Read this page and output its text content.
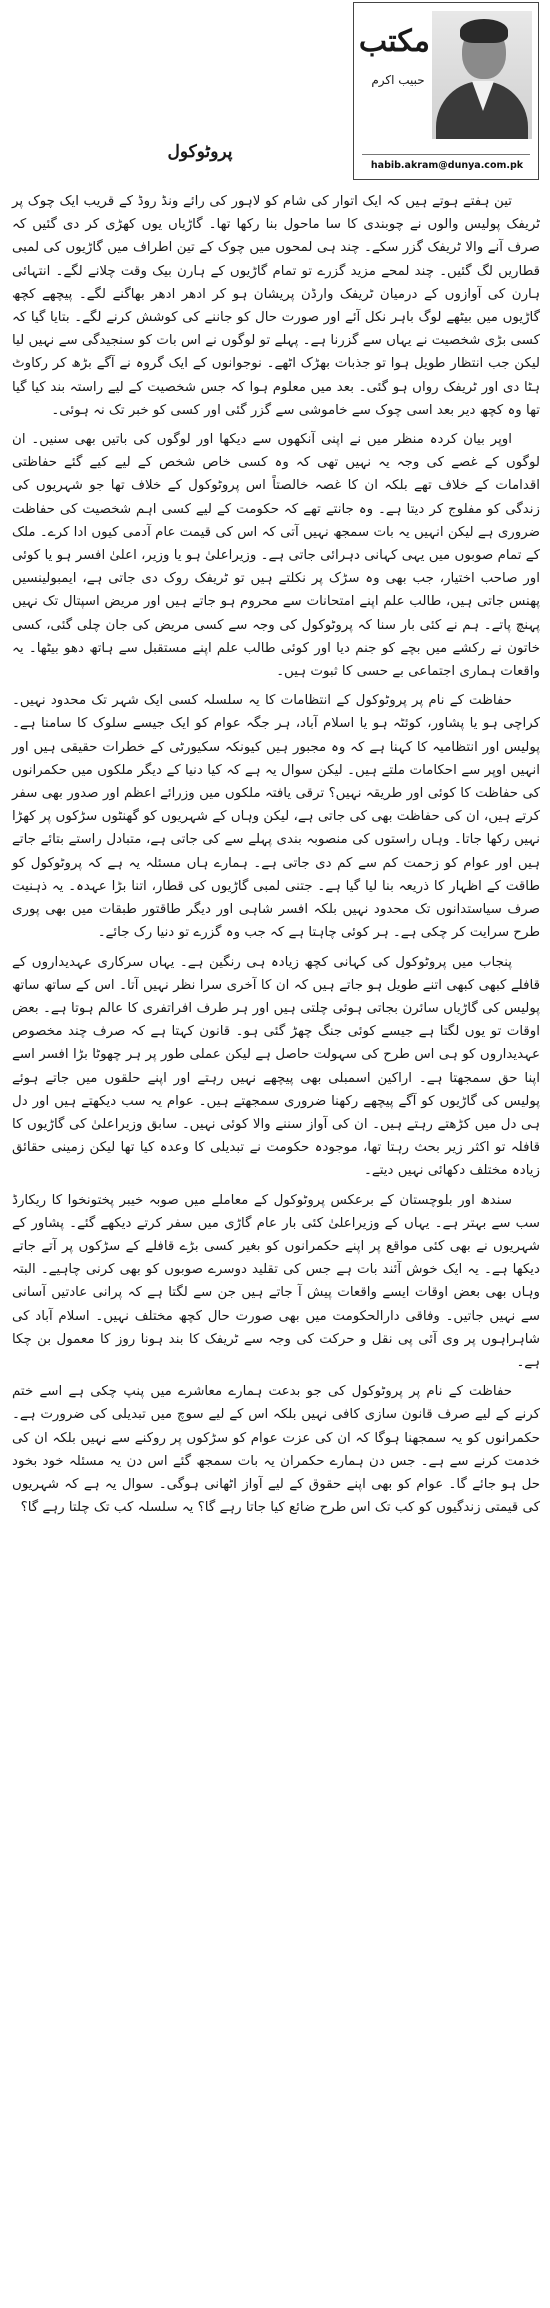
مکتب
حبیب اکرم
habib.akram@dunya.com.pk
پروٹوکول

تین ہفتے ہوتے ہیں کہ ایک اتوار کی شام کو لاہور کی رائے ونڈ روڈ کے قریب ایک چوک پر ٹریفک پولیس والوں نے چوبندی کا سا ماحول بنا رکھا تھا۔ گاڑیاں یوں کھڑی کر دی گئیں کہ صرف آنے والا ٹریفک گزر سکے۔ چند ہی لمحوں میں چوک کے تین اطراف میں گاڑیوں کی لمبی قطاریں لگ گئیں۔ چند لمحے مزید گزرے تو تمام گاڑیوں کے ہارن بیک وقت چلانے لگے۔ انتہائی ہارن کی آوازوں کے درمیان ٹریفک وارڈن پریشان ہو کر ادھر ادھر بھاگنے لگے۔ پیچھے کچھ گاڑیوں میں بیٹھے لوگ باہر نکل آئے اور صورت حال کو جاننے کی کوشش کرنے لگے۔ بتایا گیا کہ کسی بڑی شخصیت نے یہاں سے گزرنا ہے۔ پہلے تو لوگوں نے اس بات کو سنجیدگی سے نہیں لیا لیکن جب انتظار طویل ہوا تو جذبات بھڑک اٹھے۔ نوجوانوں کے ایک گروہ نے آگے بڑھ کر رکاوٹ ہٹا دی اور ٹریفک رواں ہو گئی۔ بعد میں معلوم ہوا کہ جس شخصیت کے لیے راستہ بند کیا گیا تھا وہ کچھ دیر بعد اسی چوک سے خاموشی سے گزر گئی اور کسی کو خبر تک نہ ہوئی۔

اوپر بیان کردہ منظر میں نے اپنی آنکھوں سے دیکھا اور لوگوں کی باتیں بھی سنیں۔ ان لوگوں کے غصے کی وجہ یہ نہیں تھی کہ وہ کسی خاص شخص کے لیے کیے گئے حفاظتی اقدامات کے خلاف تھے بلکہ ان کا غصہ خالصتاً اس پروٹوکول کے خلاف تھا جو شہریوں کی زندگی کو مفلوج کر دیتا ہے۔ وہ جانتے تھے کہ حکومت کے لیے کسی اہم شخصیت کی حفاظت ضروری ہے لیکن انہیں یہ بات سمجھ نہیں آتی کہ اس کی قیمت عام آدمی کیوں ادا کرے۔ ملک کے تمام صوبوں میں یہی کہانی دہرائی جاتی ہے۔ وزیراعلیٰ ہو یا وزیر، اعلیٰ افسر ہو یا کوئی اور صاحب اختیار، جب بھی وہ سڑک پر نکلتے ہیں تو ٹریفک روک دی جاتی ہے، ایمبولینسیں پھنس جاتی ہیں، طالب علم اپنے امتحانات سے محروم ہو جاتے ہیں اور مریض اسپتال تک نہیں پہنچ پاتے۔ ہم نے کئی بار سنا کہ پروٹوکول کی وجہ سے کسی مریض کی جان چلی گئی، کسی خاتون نے رکشے میں بچے کو جنم دیا اور کوئی طالب علم اپنے مستقبل سے ہاتھ دھو بیٹھا۔ یہ واقعات ہماری اجتماعی بے حسی کا ثبوت ہیں۔

حفاظت کے نام پر پروٹوکول کے انتظامات کا یہ سلسلہ کسی ایک شہر تک محدود نہیں۔ کراچی ہو یا پشاور، کوئٹہ ہو یا اسلام آباد، ہر جگہ عوام کو ایک جیسے سلوک کا سامنا ہے۔ پولیس اور انتظامیہ کا کہنا ہے کہ وہ مجبور ہیں کیونکہ سکیورٹی کے خطرات حقیقی ہیں اور انہیں اوپر سے احکامات ملتے ہیں۔ لیکن سوال یہ ہے کہ کیا دنیا کے دیگر ملکوں میں حکمرانوں کی حفاظت کا کوئی اور طریقہ نہیں؟ ترقی یافتہ ملکوں میں وزرائے اعظم اور صدور بھی سفر کرتے ہیں، ان کی حفاظت بھی کی جاتی ہے، لیکن وہاں کے شہریوں کو گھنٹوں سڑکوں پر کھڑا نہیں رکھا جاتا۔ وہاں راستوں کی منصوبہ بندی پہلے سے کی جاتی ہے، متبادل راستے بتائے جاتے ہیں اور عوام کو زحمت کم سے کم دی جاتی ہے۔ ہمارے ہاں مسئلہ یہ ہے کہ پروٹوکول کو طاقت کے اظہار کا ذریعہ بنا لیا گیا ہے۔ جتنی لمبی گاڑیوں کی قطار، اتنا بڑا عہدہ۔ یہ ذہنیت صرف سیاستدانوں تک محدود نہیں بلکہ افسر شاہی اور دیگر طاقتور طبقات میں بھی پوری طرح سرایت کر چکی ہے۔ ہر کوئی چاہتا ہے کہ جب وہ گزرے تو دنیا رک جائے۔

پنجاب میں پروٹوکول کی کہانی کچھ زیادہ ہی رنگین ہے۔ یہاں سرکاری عہدیداروں کے قافلے کبھی کبھی اتنے طویل ہو جاتے ہیں کہ ان کا آخری سرا نظر نہیں آتا۔ اس کے ساتھ ساتھ پولیس کی گاڑیاں سائرن بجاتی ہوئی چلتی ہیں اور ہر طرف افراتفری کا عالم ہوتا ہے۔ بعض اوقات تو یوں لگتا ہے جیسے کوئی جنگ چھڑ گئی ہو۔ قانون کہتا ہے کہ صرف چند مخصوص عہدیداروں کو ہی اس طرح کی سہولت حاصل ہے لیکن عملی طور پر ہر چھوٹا بڑا افسر اسے اپنا حق سمجھتا ہے۔ اراکین اسمبلی بھی پیچھے نہیں رہتے اور اپنے حلقوں میں جاتے ہوئے پولیس کی گاڑیوں کو آگے پیچھے رکھنا ضروری سمجھتے ہیں۔ عوام یہ سب دیکھتے ہیں اور دل ہی دل میں کڑھتے رہتے ہیں۔ ان کی آواز سننے والا کوئی نہیں۔ سابق وزیراعلیٰ کی گاڑیوں کا قافلہ تو اکثر زیر بحث رہتا تھا، موجودہ حکومت نے تبدیلی کا وعدہ کیا تھا لیکن زمینی حقائق زیادہ مختلف دکھائی نہیں دیتے۔

سندھ اور بلوچستان کے برعکس پروٹوکول کے معاملے میں صوبہ خیبر پختونخوا کا ریکارڈ سب سے بہتر ہے۔ یہاں کے وزیراعلیٰ کئی بار عام گاڑی میں سفر کرتے دیکھے گئے۔ پشاور کے شہریوں نے بھی کئی مواقع پر اپنے حکمرانوں کو بغیر کسی بڑے قافلے کے سڑکوں پر آتے جاتے دیکھا ہے۔ یہ ایک خوش آئند بات ہے جس کی تقلید دوسرے صوبوں کو بھی کرنی چاہیے۔ البتہ وہاں بھی بعض اوقات ایسے واقعات پیش آ جاتے ہیں جن سے لگتا ہے کہ پرانی عادتیں آسانی سے نہیں جاتیں۔ وفاقی دارالحکومت میں بھی صورت حال کچھ مختلف نہیں۔ اسلام آباد کی شاہراہوں پر وی آئی پی نقل و حرکت کی وجہ سے ٹریفک کا بند ہونا روز کا معمول بن چکا ہے۔

حفاظت کے نام پر پروٹوکول کی جو بدعت ہمارے معاشرے میں پنپ چکی ہے اسے ختم کرنے کے لیے صرف قانون سازی کافی نہیں بلکہ اس کے لیے سوچ میں تبدیلی کی ضرورت ہے۔ حکمرانوں کو یہ سمجھنا ہوگا کہ ان کی عزت عوام کو سڑکوں پر روکنے سے نہیں بلکہ ان کی خدمت کرنے سے ہے۔ جس دن ہمارے حکمران یہ بات سمجھ گئے اس دن یہ مسئلہ خود بخود حل ہو جائے گا۔ عوام کو بھی اپنے حقوق کے لیے آواز اٹھانی ہوگی۔ سوال یہ ہے کہ شہریوں کی قیمتی زندگیوں کو کب تک اس طرح ضائع کیا جاتا رہے گا؟ یہ سلسلہ کب تک چلتا رہے گا؟
